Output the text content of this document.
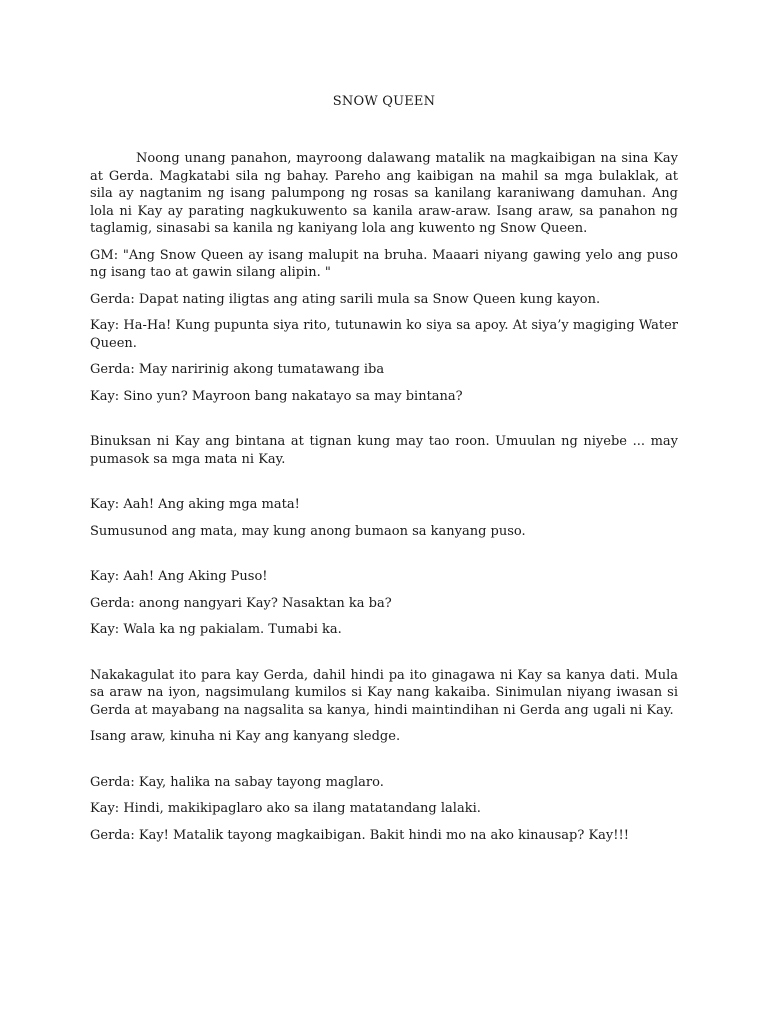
SNOW QUEEN

Noong unang panahon, mayroong dalawang matalik na magkaibigan na sina Kay at Gerda. Magkatabi sila ng bahay. Pareho ang kaibigan na mahil sa mga bulaklak, at sila ay nagtanim ng isang palumpong ng rosas sa kanilang karaniwang damuhan. Ang lola ni Kay ay parating nagkukuwento sa kanila araw-araw. Isang araw, sa panahon ng taglamig, sinasabi sa kanila ng kaniyang lola ang kuwento ng Snow Queen.

GM: "Ang Snow Queen ay isang malupit na bruha. Maaari niyang gawing yelo ang puso ng isang tao at gawin silang alipin. "

Gerda: Dapat nating iligtas ang ating sarili mula sa Snow Queen kung kayon.

Kay: Ha-Ha! Kung pupunta siya rito, tutunawin ko siya sa apoy. At siya’y magiging Water Queen.

Gerda: May naririnig akong tumatawang iba

Kay: Sino yun? Mayroon bang nakatayo sa may bintana?

Binuksan ni Kay ang bintana at tignan kung may tao roon. Umuulan ng niyebe ... may pumasok sa mga mata ni Kay.

Kay: Aah! Ang aking mga mata!

Sumusunod ang mata, may kung anong bumaon sa kanyang puso.

Kay: Aah! Ang Aking Puso!

Gerda: anong nangyari Kay? Nasaktan ka ba?

Kay: Wala ka ng pakialam. Tumabi ka.

Nakakagulat ito para kay Gerda, dahil hindi pa ito ginagawa ni Kay sa kanya dati. Mula sa araw na iyon, nagsimulang kumilos si Kay nang kakaiba. Sinimulan niyang iwasan si Gerda at mayabang na nagsalita sa kanya, hindi maintindihan ni Gerda ang ugali ni Kay.

Isang araw, kinuha ni Kay ang kanyang sledge.

Gerda: Kay, halika na sabay tayong maglaro.

Kay: Hindi, makikipaglaro ako sa ilang matatandang lalaki.

Gerda: Kay! Matalik tayong magkaibigan. Bakit hindi mo na ako kinausap? Kay!!!
